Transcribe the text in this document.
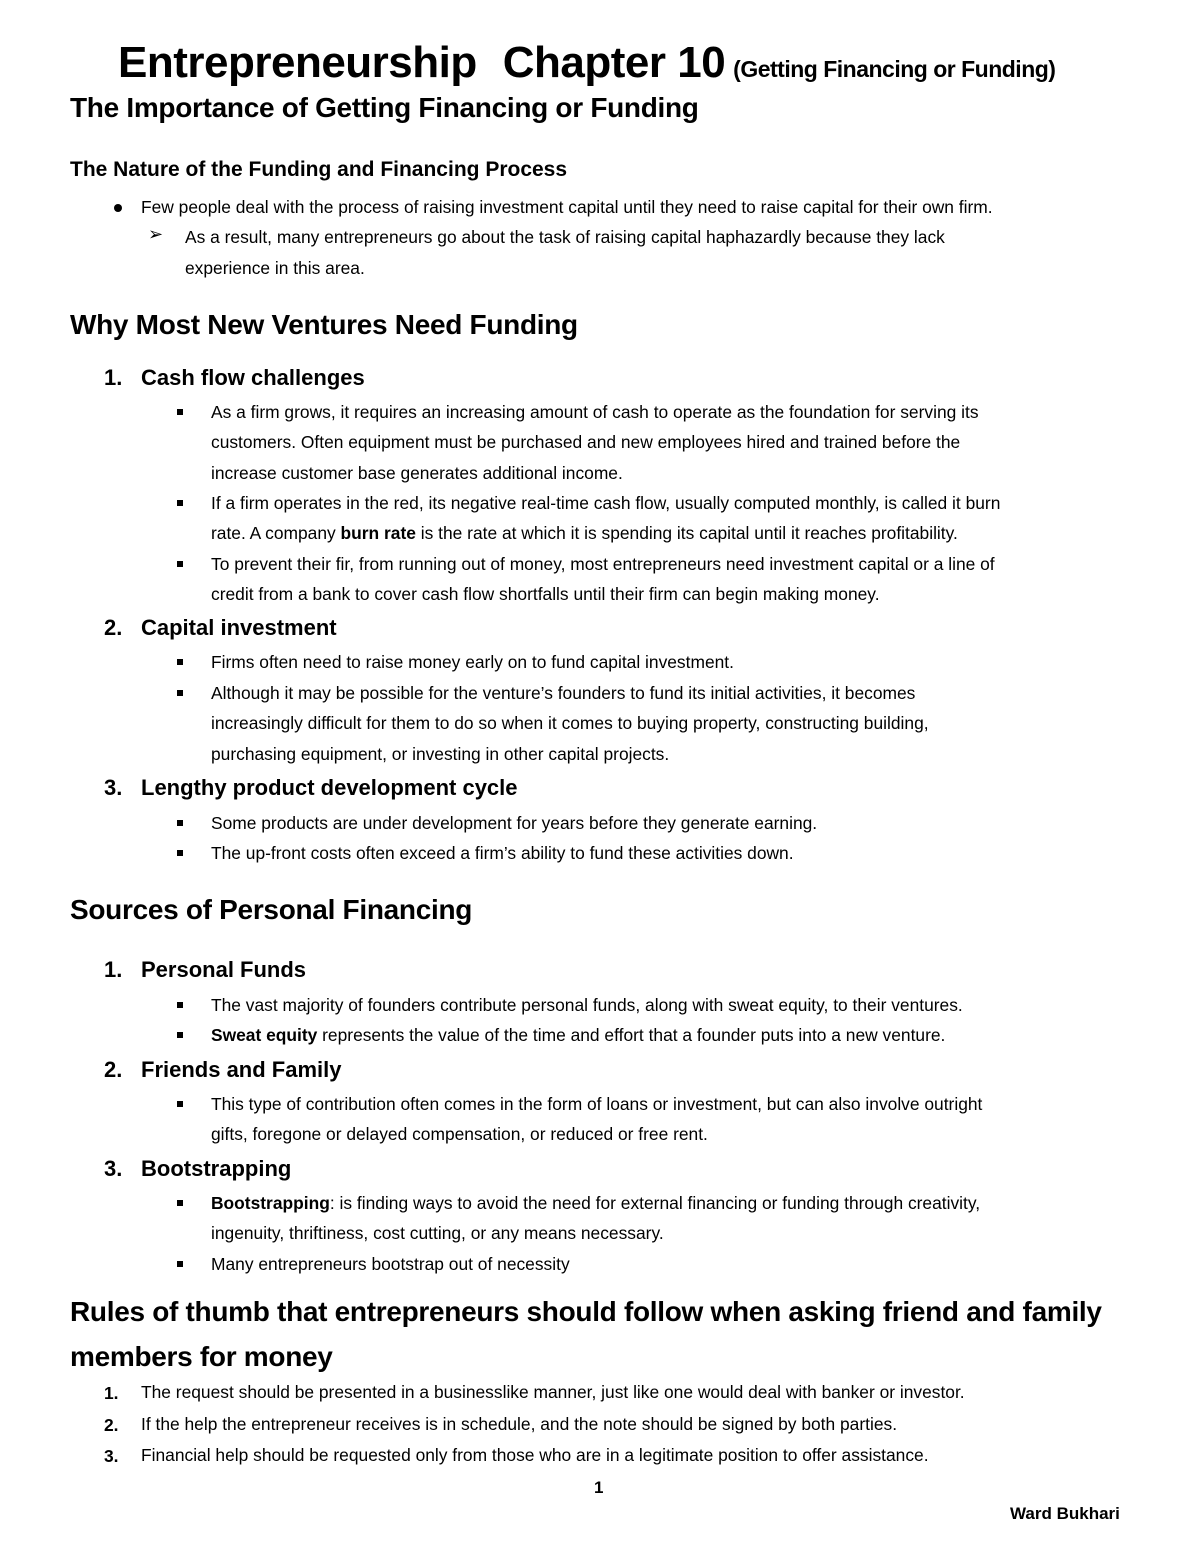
Entrepreneurship Chapter 10 (Getting Financing or Funding)
The Importance of Getting Financing or Funding
The Nature of the Funding and Financing Process
Few people deal with the process of raising investment capital until they need to raise capital for their own firm.
➢ As a result, many entrepreneurs go about the task of raising capital haphazardly because they lack
experience in this area.
Why Most New Ventures Need Funding
1. Cash flow challenges
As a firm grows, it requires an increasing amount of cash to operate as the foundation for serving its
customers. Often equipment must be purchased and new employees hired and trained before the
increase customer base generates additional income.
If a firm operates in the red, its negative real-time cash flow, usually computed monthly, is called it burn
rate. A company burn rate is the rate at which it is spending its capital until it reaches profitability.
To prevent their fir, from running out of money, most entrepreneurs need investment capital or a line of
credit from a bank to cover cash flow shortfalls until their firm can begin making money.
2. Capital investment
Firms often need to raise money early on to fund capital investment.
Although it may be possible for the venture’s founders to fund its initial activities, it becomes
increasingly difficult for them to do so when it comes to buying property, constructing building,
purchasing equipment, or investing in other capital projects.
3. Lengthy product development cycle
Some products are under development for years before they generate earning.
The up-front costs often exceed a firm’s ability to fund these activities down.
Sources of Personal Financing
1. Personal Funds
The vast majority of founders contribute personal funds, along with sweat equity, to their ventures.
Sweat equity represents the value of the time and effort that a founder puts into a new venture.
2. Friends and Family
This type of contribution often comes in the form of loans or investment, but can also involve outright
gifts, foregone or delayed compensation, or reduced or free rent.
3. Bootstrapping
Bootstrapping: is finding ways to avoid the need for external financing or funding through creativity,
ingenuity, thriftiness, cost cutting, or any means necessary.
Many entrepreneurs bootstrap out of necessity
Rules of thumb that entrepreneurs should follow when asking friend and family
members for money
1. The request should be presented in a businesslike manner, just like one would deal with banker or investor.
2. If the help the entrepreneur receives is in schedule, and the note should be signed by both parties.
3. Financial help should be requested only from those who are in a legitimate position to offer assistance.
1
Ward Bukhari
